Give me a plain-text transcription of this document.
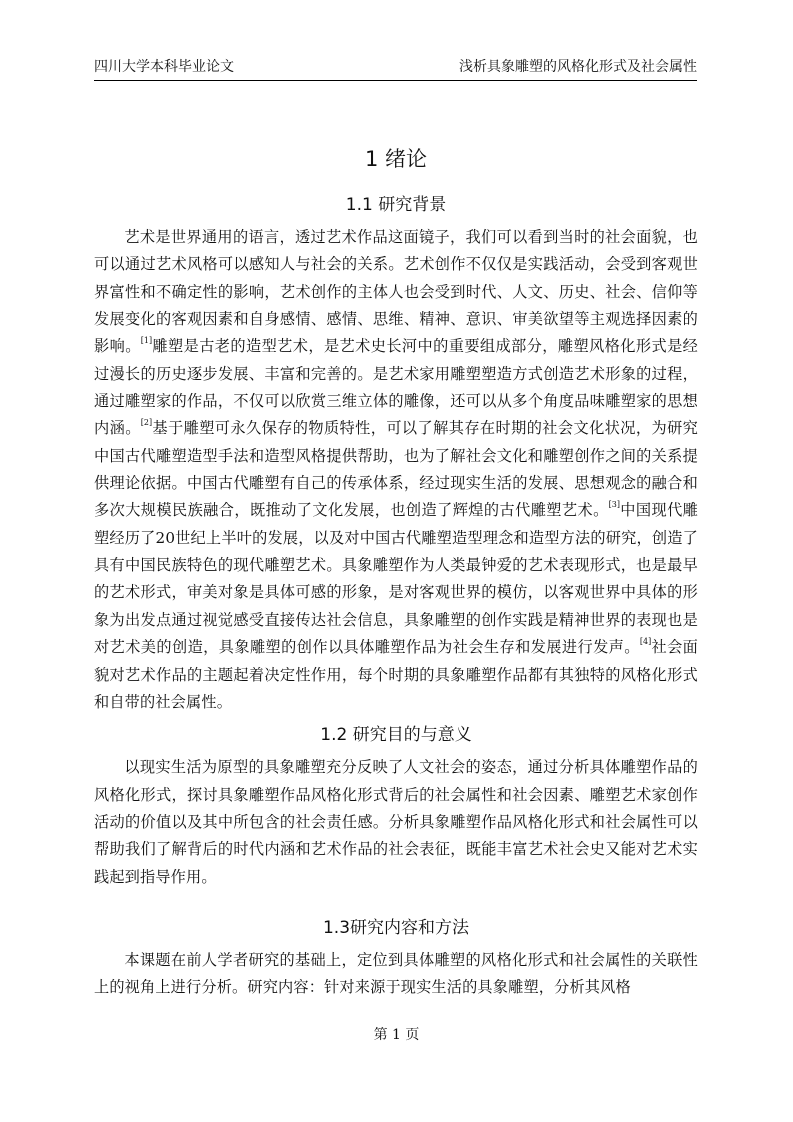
四川大学本科毕业论文	浅析具象雕塑的风格化形式及社会属性
1 绪论
1.1 研究背景

艺术是世界通用的语言，透过艺术作品这面镜子，我们可以看到当时的社会面貌，也可以通过艺术风格可以感知人与社会的关系。艺术创作不仅仅是实践活动，会受到客观世界富性和不确定性的影响，艺术创作的主体人也会受到时代、人文、历史、社会、信仰等发展变化的客观因素和自身感情、感情、思维、精神、意识、审美欲望等主观选择因素的影响。[1]雕塑是古老的造型艺术，是艺术史长河中的重要组成部分，雕塑风格化形式是经过漫长的历史逐步发展、丰富和完善的。是艺术家用雕塑塑造方式创造艺术形象的过程，通过雕塑家的作品，不仅可以欣赏三维立体的雕像，还可以从多个角度品味雕塑家的思想内涵。[2]基于雕塑可永久保存的物质特性，可以了解其存在时期的社会文化状况，为研究中国古代雕塑造型手法和造型风格提供帮助，也为了解社会文化和雕塑创作之间的关系提供理论依据。中国古代雕塑有自己的传承体系，经过现实生活的发展、思想观念的融合和多次大规模民族融合，既推动了文化发展，也创造了辉煌的古代雕塑艺术。[3]中国现代雕塑经历了20世纪上半叶的发展，以及对中国古代雕塑造型理念和造型方法的研究，创造了具有中国民族特色的现代雕塑艺术。具象雕塑作为人类最钟爱的艺术表现形式，也是最早的艺术形式，审美对象是具体可感的形象，是对客观世界的模仿，以客观世界中具体的形象为出发点通过视觉感受直接传达社会信息，具象雕塑的创作实践是精神世界的表现也是对艺术美的创造，具象雕塑的创作以具体雕塑作品为社会生存和发展进行发声。[4]社会面貌对艺术作品的主题起着决定性作用，每个时期的具象雕塑作品都有其独特的风格化形式和自带的社会属性。

1.2 研究目的与意义

以现实生活为原型的具象雕塑充分反映了人文社会的姿态，通过分析具体雕塑作品的风格化形式，探讨具象雕塑作品风格化形式背后的社会属性和社会因素、雕塑艺术家创作活动的价值以及其中所包含的社会责任感。分析具象雕塑作品风格化形式和社会属性可以帮助我们了解背后的时代内涵和艺术作品的社会表征，既能丰富艺术社会史又能对艺术实践起到指导作用。

1.3研究内容和方法

本课题在前人学者研究的基础上，定位到具体雕塑的风格化形式和社会属性的关联性上的视角上进行分析。研究内容：针对来源于现实生活的具象雕塑，分析其风格

第 1 页
